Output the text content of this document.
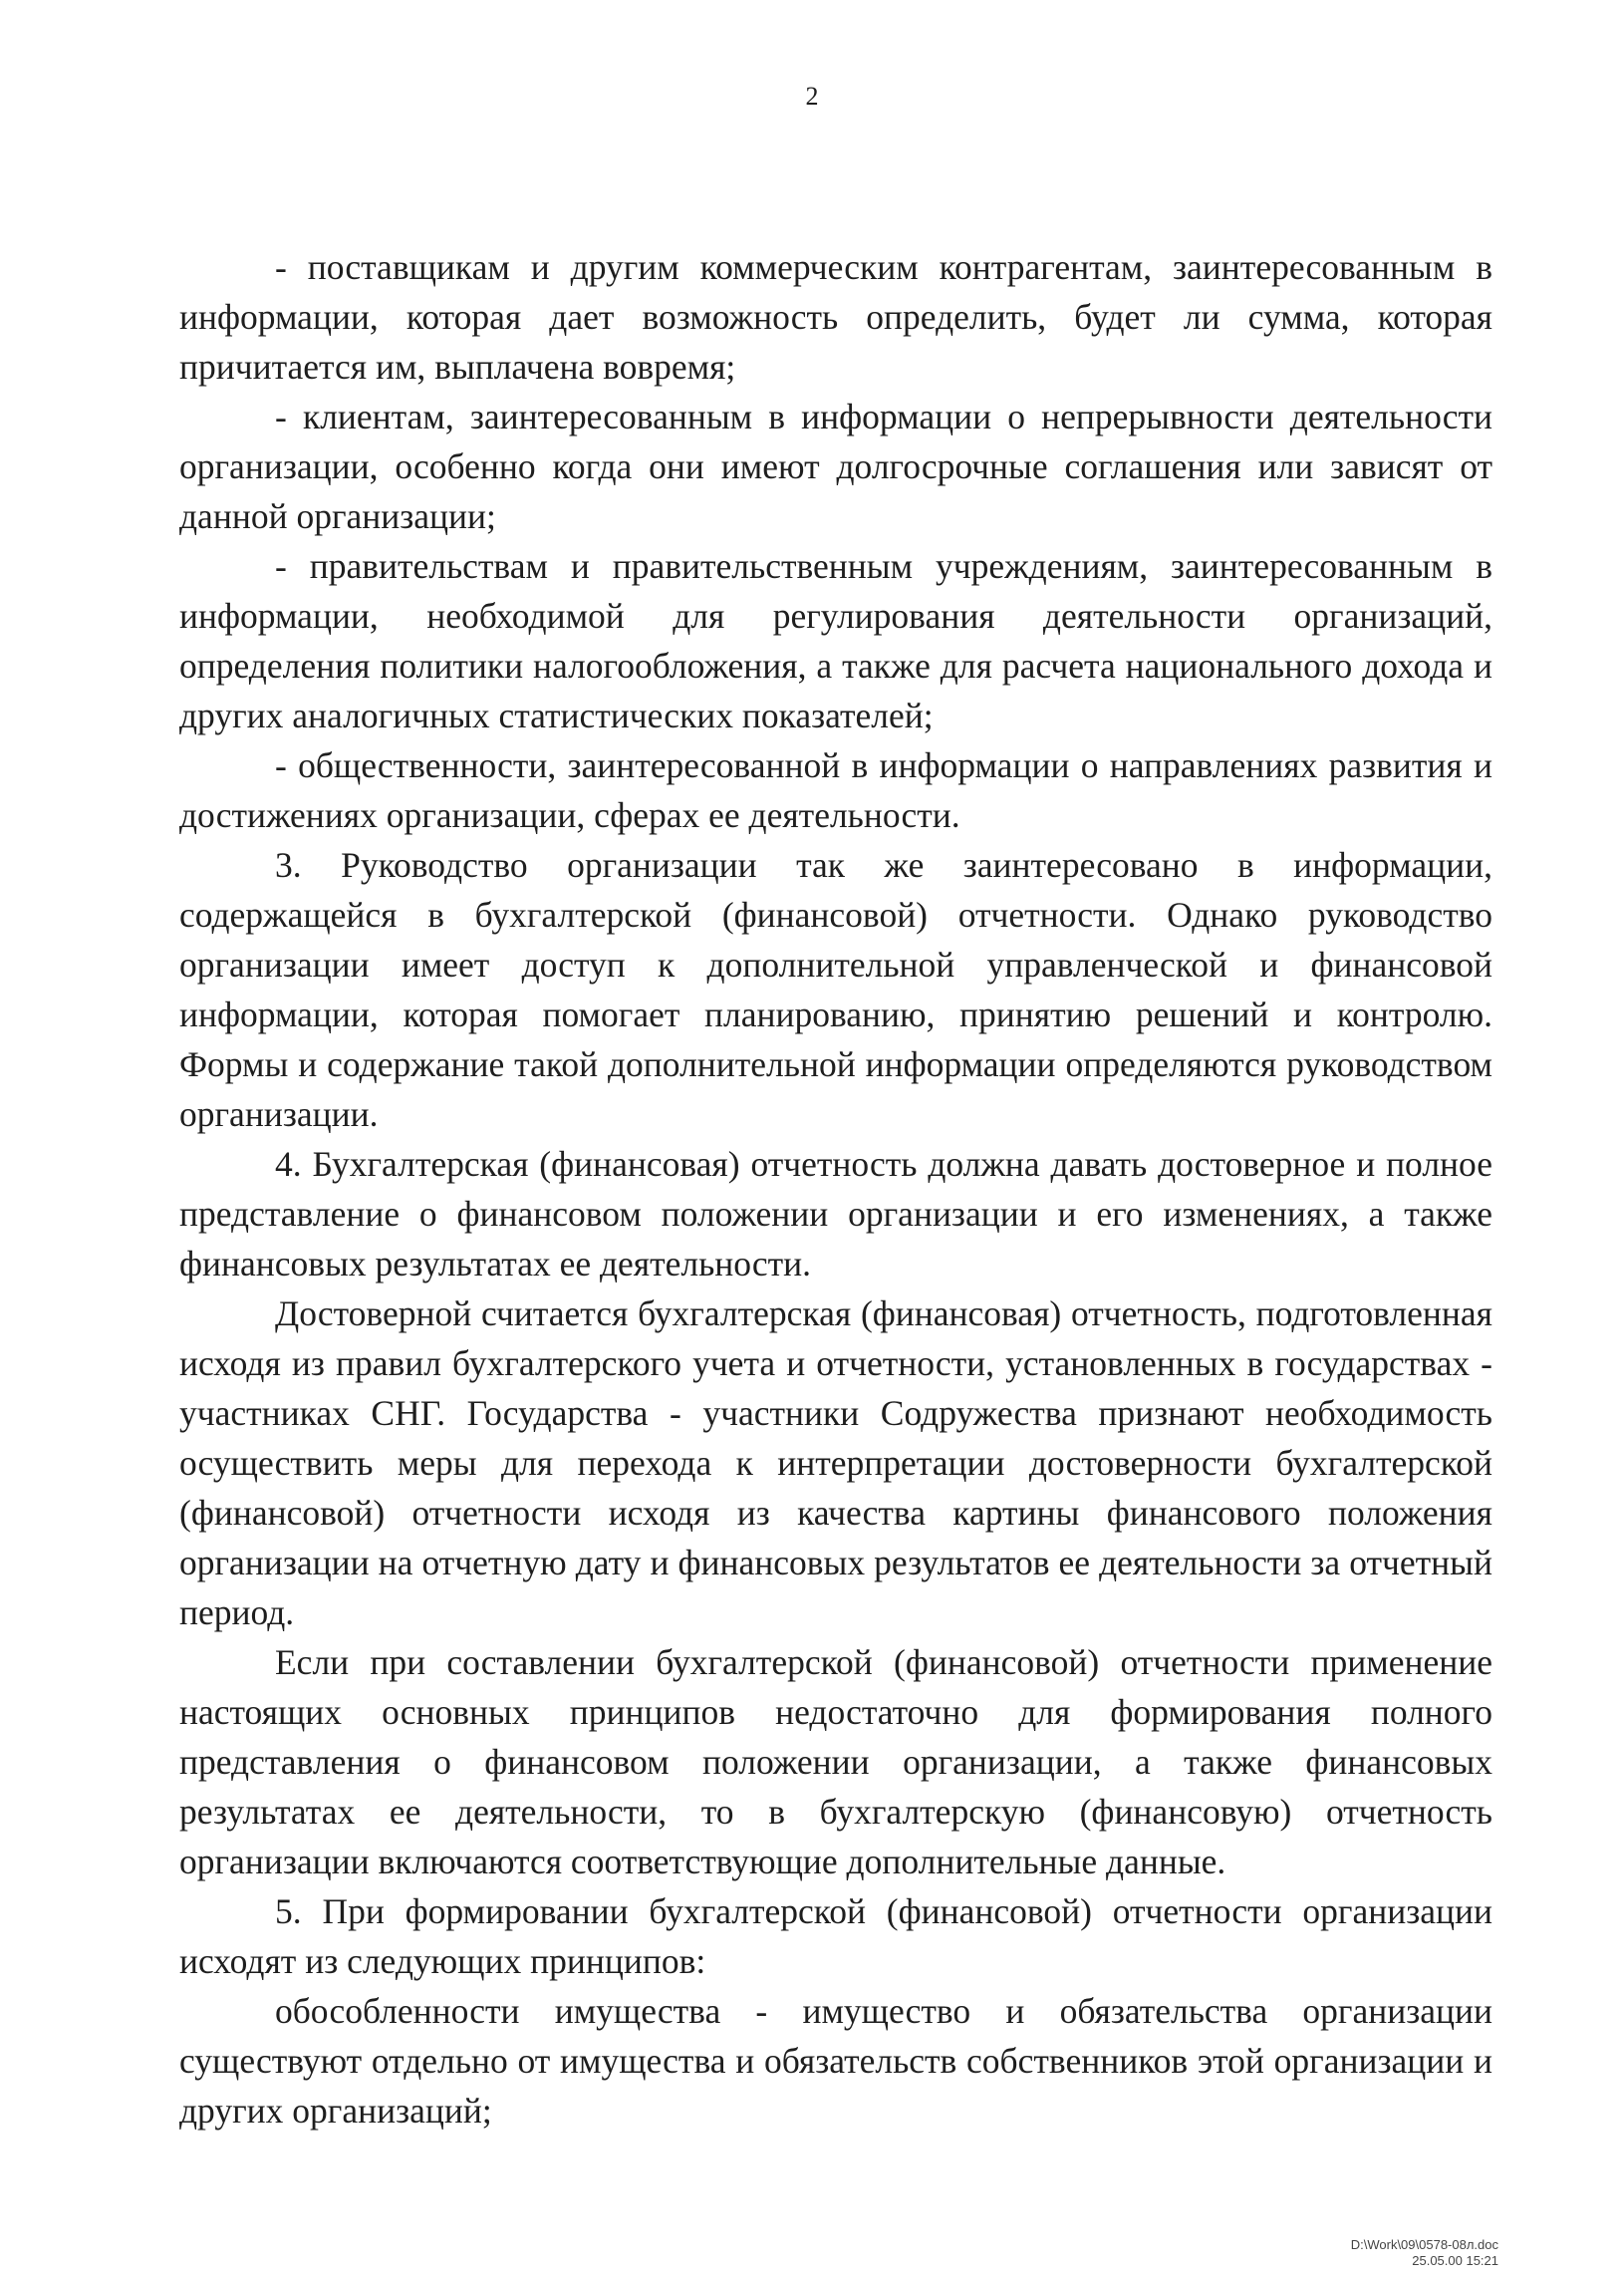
2

- поставщикам и другим коммерческим контрагентам, заинтересованным в информации, которая дает возможность определить, будет ли сумма, которая причитается им, выплачена вовремя;

- клиентам, заинтересованным в информации о непрерывности деятельности организации, особенно когда они имеют долгосрочные соглашения или зависят от данной организации;

- правительствам и правительственным учреждениям, заинтересованным в информации, необходимой для регулирования деятельности организаций, определения политики налогообложения, а также для расчета национального дохода и других аналогичных статистических показателей;

- общественности, заинтересованной в информации о направлениях развития и достижениях организации, сферах ее деятельности.

3. Руководство организации так же заинтересовано в информации, содержащейся в бухгалтерской (финансовой) отчетности. Однако руководство организации имеет доступ к дополнительной управленческой и финансовой информации, которая помогает планированию, принятию решений и контролю. Формы и содержание такой дополнительной информации определяются руководством организации.

4. Бухгалтерская (финансовая) отчетность должна давать достоверное и полное представление о финансовом положении организации и его изменениях, а также финансовых результатах ее деятельности.

Достоверной считается бухгалтерская (финансовая) отчетность, подготовленная исходя из правил бухгалтерского учета и отчетности, установленных в государствах - участниках СНГ. Государства - участники Содружества признают необходимость осуществить меры для перехода к интерпретации достоверности бухгалтерской (финансовой) отчетности исходя из качества картины финансового положения организации на отчетную дату и финансовых результатов ее деятельности за отчетный период.

Если при составлении бухгалтерской (финансовой) отчетности применение настоящих основных принципов недостаточно для формирования полного представления о финансовом положении организации, а также финансовых результатах ее деятельности, то в бухгалтерскую (финансовую) отчетность организации включаются соответствующие дополнительные данные.

5. При формировании бухгалтерской (финансовой) отчетности организации исходят из следующих принципов:

обособленности имущества - имущество и обязательства организации существуют отдельно от имущества и обязательств собственников этой организации и других организаций;

D:\Work\09\0578-08л.doc
25.05.00 15:21
